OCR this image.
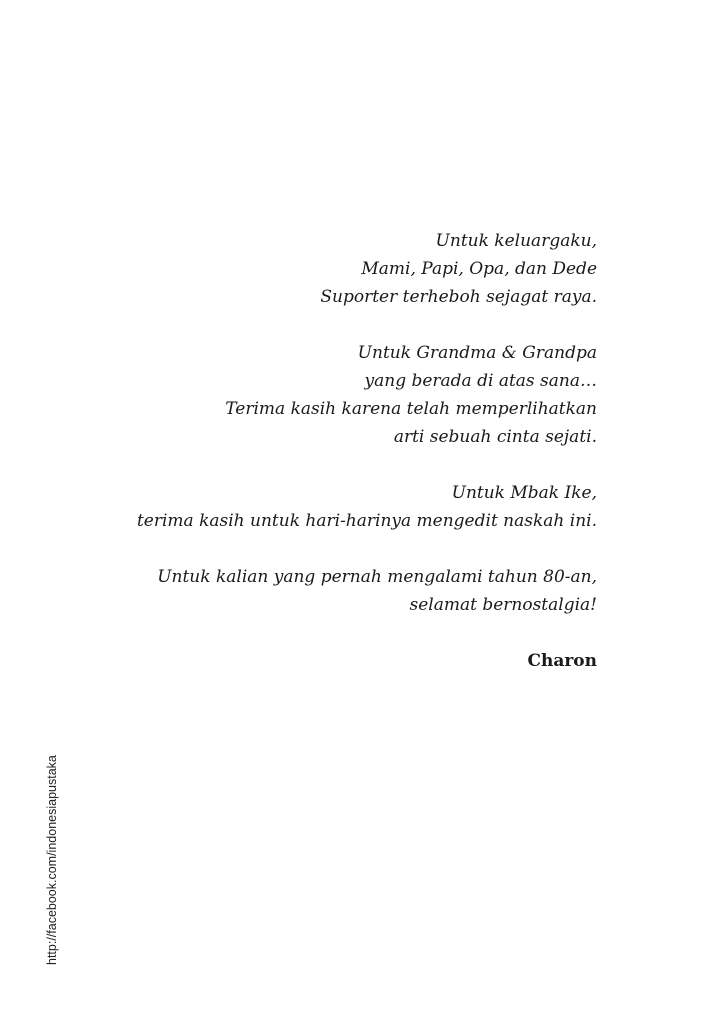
Untuk keluargaku,
Mami, Papi, Opa, dan Dede
Suporter terheboh sejagat raya.
Untuk Grandma & Grandpa
yang berada di atas sana…
Terima kasih karena telah memperlihatkan
arti sebuah cinta sejati.
Untuk Mbak Ike,
terima kasih untuk hari-harinya mengedit naskah ini.
Untuk kalian yang pernah mengalami tahun 80-an,
selamat bernostalgia!
Charon
http://facebook.com/indonesiapustaka
